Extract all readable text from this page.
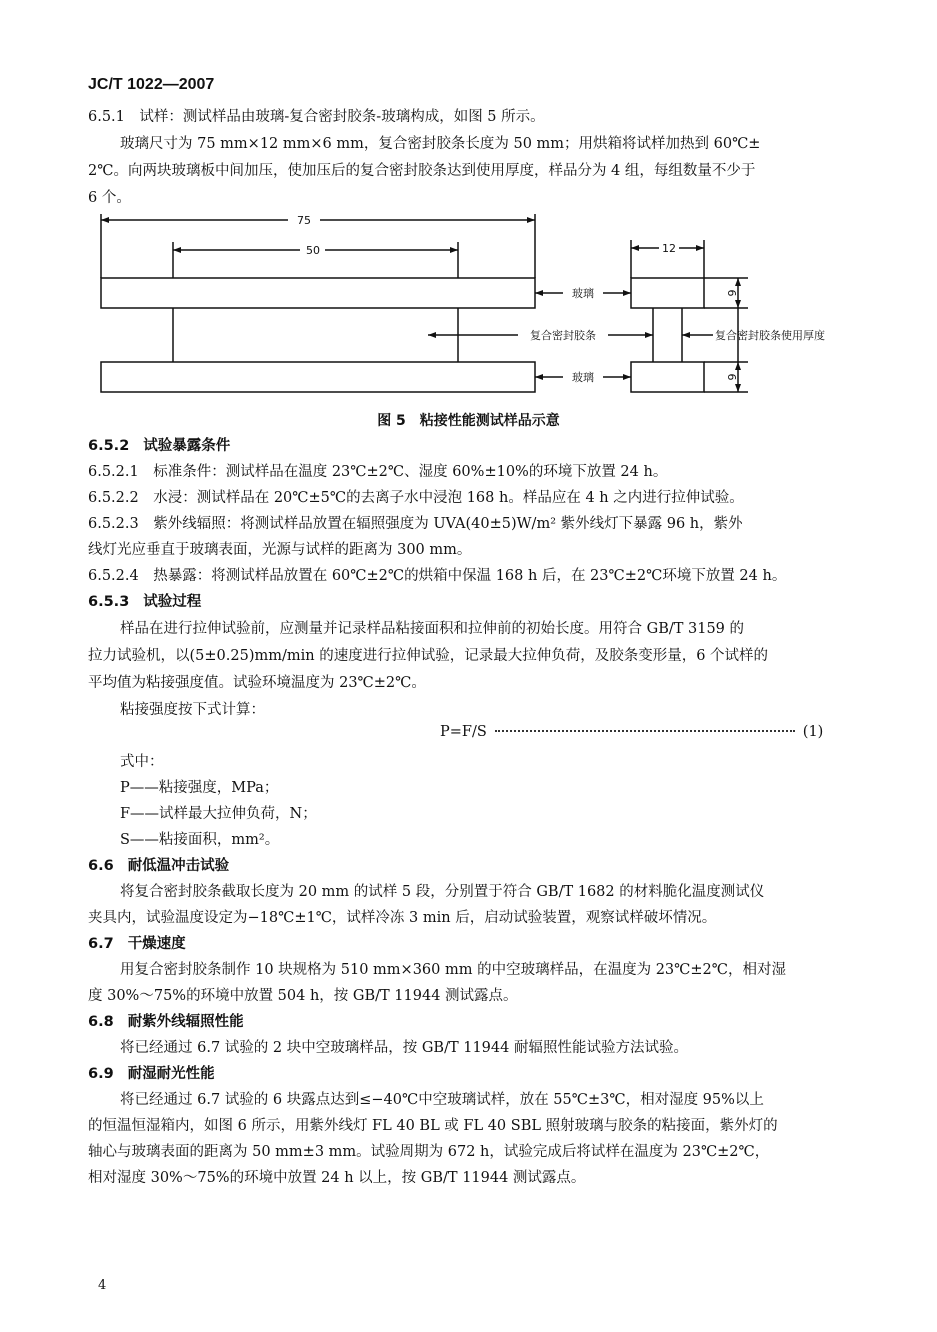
JC/T 1022—2007
6.5.1　试样：测试样品由玻璃-复合密封胶条-玻璃构成，如图 5 所示。
玻璃尺寸为 75 mm×12 mm×6 mm，复合密封胶条长度为 50 mm；用烘箱将试样加热到 60℃±
2℃。向两块玻璃板中间加压，使加压后的复合密封胶条达到使用厚度，样品分为 4 组，每组数量不少于
6 个。
75
50	12
6
6
玻璃
复合密封胶条
玻璃
复合密封胶条使用厚度
图 5　粘接性能测试样品示意
6.5.2 试验暴露条件
6.5.2.1　标准条件：测试样品在温度 23℃±2℃、湿度 60%±10%的环境下放置 24 h。
6.5.2.2　水浸：测试样品在 20℃±5℃的去离子水中浸泡 168 h。样品应在 4 h 之内进行拉伸试验。
6.5.2.3　紫外线辐照：将测试样品放置在辐照强度为 UVA(40±5)W/m² 紫外线灯下暴露 96 h，紫外
线灯光应垂直于玻璃表面，光源与试样的距离为 300 mm。
6.5.2.4　热暴露：将测试样品放置在 60℃±2℃的烘箱中保温 168 h 后，在 23℃±2℃环境下放置 24 h。
6.5.3 试验过程
样品在进行拉伸试验前，应测量并记录样品粘接面积和拉伸前的初始长度。用符合 GB/T 3159 的
拉力试验机，以(5±0.25)mm/min 的速度进行拉伸试验，记录最大拉伸负荷，及胶条变形量，6 个试样的
平均值为粘接强度值。试验环境温度为 23℃±2℃。
粘接强度按下式计算：
P=F/S	(1)
式中：
P——粘接强度，MPa；
F——试样最大拉伸负荷，N；
S——粘接面积，mm²。
6.6 耐低温冲击试验
将复合密封胶条截取长度为 20 mm 的试样 5 段，分别置于符合 GB/T 1682 的材料脆化温度测试仪
夹具内，试验温度设定为−18℃±1℃，试样冷冻 3 min 后，启动试验装置，观察试样破坏情况。
6.7 干燥速度
用复合密封胶条制作 10 块规格为 510 mm×360 mm 的中空玻璃样品，在温度为 23℃±2℃，相对湿
度 30%～75%的环境中放置 504 h，按 GB/T 11944 测试露点。
6.8 耐紫外线辐照性能
将已经通过 6.7 试验的 2 块中空玻璃样品，按 GB/T 11944 耐辐照性能试验方法试验。
6.9 耐湿耐光性能
将已经通过 6.7 试验的 6 块露点达到≤−40℃中空玻璃试样，放在 55℃±3℃，相对湿度 95%以上
的恒温恒湿箱内，如图 6 所示，用紫外线灯 FL 40 BL 或 FL 40 SBL 照射玻璃与胶条的粘接面，紫外灯的
轴心与玻璃表面的距离为 50 mm±3 mm。试验周期为 672 h，试验完成后将试样在温度为 23℃±2℃，
相对湿度 30%～75%的环境中放置 24 h 以上，按 GB/T 11944 测试露点。
4
